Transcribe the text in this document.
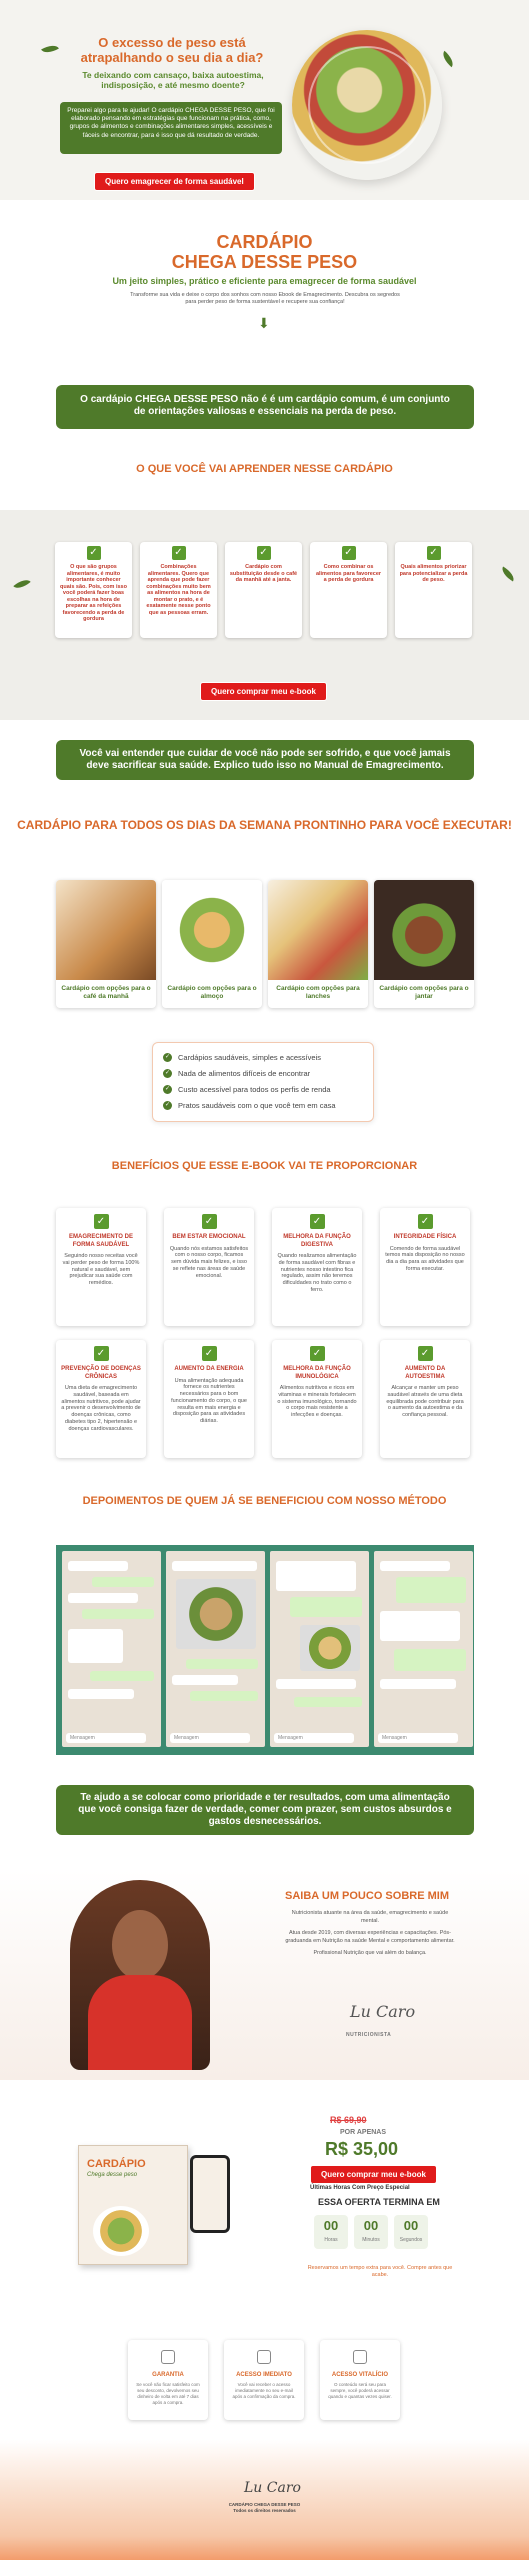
O excesso de peso está atrapalhando o seu dia a dia?
Te deixando com cansaço, baixa autoestima, indisposição, e até mesmo doente?
Preparei algo para te ajudar! O cardápio CHEGA DESSE PESO, que foi elaborado pensando em estratégias que funcionam na prática, como, grupos de alimentos e combinações alimentares simples, acessíveis e fáceis de encontrar, para é isso que dá resultado de verdade.
Quero emagrecer de forma saudável
CARDÁPIO
CHEGA DESSE PESO
Um jeito simples, prático e eficiente para emagrecer de forma saudável
Transforme sua vida e deixe o corpo dos sonhos com nosso Ebook de Emagrecimento. Descubra os segredos para perder peso de forma sustentável e recupere sua confiança!
⬇
O cardápio CHEGA DESSE PESO não é é um cardápio comum, é um conjunto de orientações valiosas e essenciais na perda de peso.
O QUE VOCÊ VAI APRENDER NESSE CARDÁPIO
✓
O que são grupos alimentares, é muito importante conhecer quais são. Pois, com isso você poderá fazer boas escolhas na hora de preparar as refeições favorecendo a perda de gordura
✓
Combinações alimentares. Quero que aprenda que pode fazer combinações muito bem as alimentos na hora de montar o prato, e é exatamente nesse ponto que as pessoas erram.
✓
Cardápio com substituição desde o café da manhã até a janta.
✓
Como combinar os alimentos para favorecer a perda de gordura
✓
Quais alimentos priorizar para potencializar a perda de peso.
Quero comprar meu e-book
Você vai entender que cuidar de você não pode ser sofrido, e que você jamais deve sacrificar sua saúde. Explico tudo isso no Manual de Emagrecimento.
CARDÁPIO PARA TODOS OS DIAS DA SEMANA PRONTINHO PARA VOCÊ EXECUTAR!
Cardápio com opções para o café da manhã
Cardápio com opções para o almoço
Cardápio com opções para lanches
Cardápio com opções para o jantar
✓ Cardápios saudáveis, simples e acessíveis
✓ Nada de alimentos difíceis de encontrar
✓ Custo acessível para todos os perfis de renda
✓ Pratos saudáveis com o que você tem em casa
BENEFÍCIOS QUE ESSE E-BOOK VAI TE PROPORCIONAR
✓
EMAGRECIMENTO DE FORMA SAUDÁVEL
Seguindo nosso receitas você vai perder peso de forma 100% natural e saudável, sem prejudicar sua saúde com remédios.
✓
BEM ESTAR EMOCIONAL
Quando nós estamos satisfeitos com o nosso corpo, ficamos sem dúvida mais felizes, e isso se reflete nas áreas de saúde emocional.
✓
MELHORA DA FUNÇÃO DIGESTIVA
Quando realizamos alimentação de forma saudável com fibras e nutrientes nosso intestino fica regulado, assim não teremos dificuldades no trato como o ferro.
✓
INTEGRIDADE FÍSICA
Comendo de forma saudável temos mais disposição no nosso dia a dia para as atividades que forma executar.
✓
PREVENÇÃO DE DOENÇAS CRÔNICAS
Uma dieta de emagrecimento saudável, baseada em alimentos nutritivos, pode ajudar a prevenir o desenvolvimento de doenças crônicas, como diabetes tipo 2, hipertensão e doenças cardiovasculares.
✓
AUMENTO DA ENERGIA
Uma alimentação adequada fornece os nutrientes necessários para o bom funcionamento do corpo, o que resulta em mais energia e disposição para as atividades diárias.
✓
MELHORA DA FUNÇÃO IMUNOLÓGICA
Alimentos nutritivos e ricos em vitaminas e minerais fortalecem o sistema imunológico, tornando o corpo mais resistente a infecções e doenças.
✓
AUMENTO DA AUTOESTIMA
Alcançar e manter um peso saudável através de uma dieta equilibrada pode contribuir para o aumento da autoestima e da confiança pessoal.
DEPOIMENTOS DE QUEM JÁ SE BENEFICIOU COM NOSSO MÉTODO
Mensagem	Mensagem	Mensagem	Mensagem
Te ajudo a se colocar como prioridade e ter resultados, com uma alimentação que você consiga fazer de verdade, comer com prazer, sem custos absurdos e gastos desnecessários.
SAIBA UM POUCO SOBRE MIM

Nutricionista atuante na área da saúde, emagrecimento e saúde mental.

Atua desde 2019, com diversas experiências e capacitações. Pós-graduanda em Nutrição na saúde Mental e comportamento alimentar.

Profissional Nutrição que vai além do balança.

Lu Caro
NUTRICIONISTA
CARDÁPIO
Chega desse peso
R$ 69,90
POR APENAS
R$ 35,00
Quero comprar meu e-book
Últimas Horas Com Preço Especial
ESSA OFERTA TERMINA EM
00
Horas
00
Minutos
00
Segundos
Reservamos um tempo extra para você. Compre antes que acabe.
GARANTIA
Se você não ficar satisfeito com seu desconto, devolvemos seu dinheiro de volta em até 7 dias após a compra.
ACESSO IMEDIATO
Você vai receber o acesso imediatamente no seu e-mail após a confirmação da compra.
ACESSO VITALÍCIO
O conteúdo será seu para sempre, você poderá acessar quando e quantas vezes quiser.
Lu Caro
CARDÁPIO CHEGA DESSE PESO
Todos os direitos reservados
